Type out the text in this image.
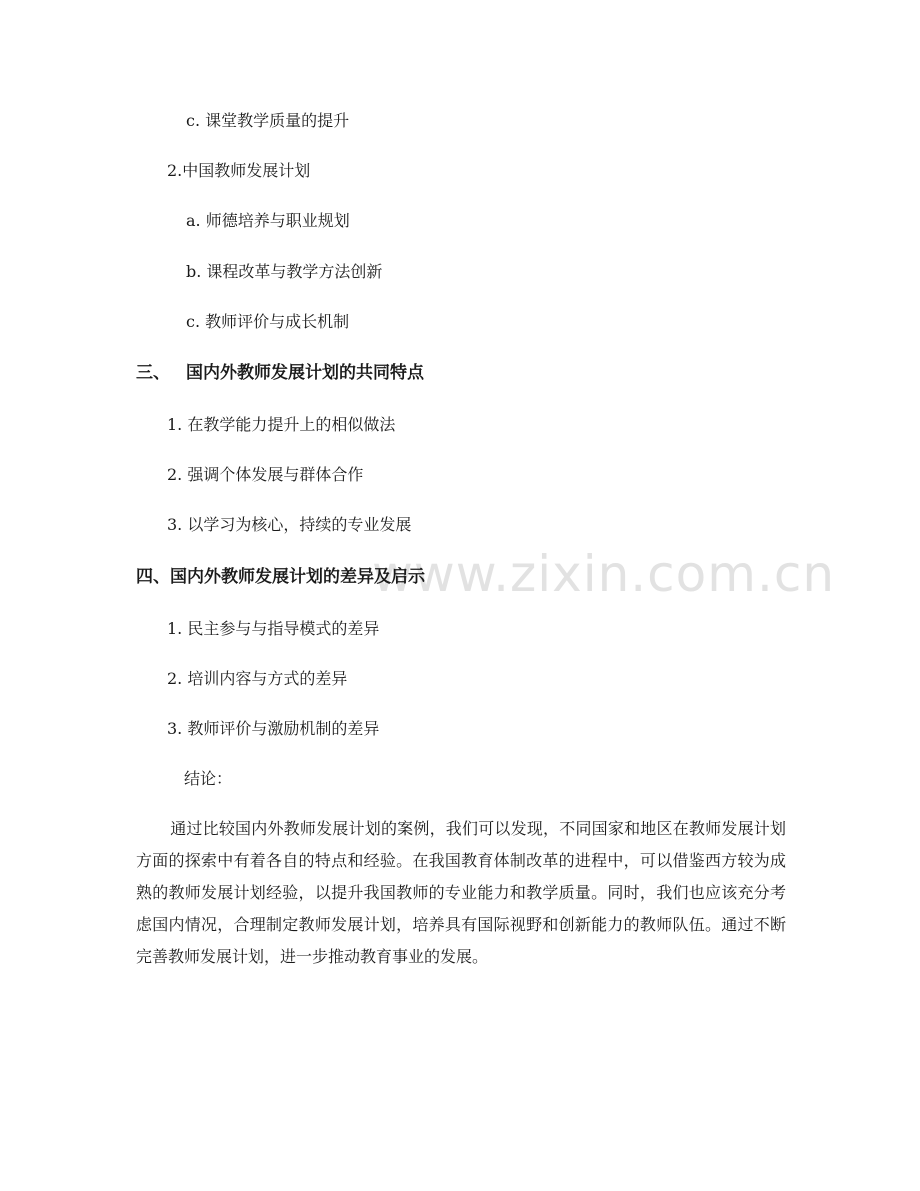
www.zixin.com.cn
c. 课堂教学质量的提升
2.中国教师发展计划
a. 师德培养与职业规划
b. 课程改革与教学方法创新
c. 教师评价与成长机制
三、 国内外教师发展计划的共同特点
1. 在教学能力提升上的相似做法
2. 强调个体发展与群体合作
3. 以学习为核心，持续的专业发展
四、国内外教师发展计划的差异及启示
1. 民主参与与指导模式的差异
2. 培训内容与方式的差异
3. 教师评价与激励机制的差异
结论：
通过比较国内外教师发展计划的案例，我们可以发现，不同国家和地区在教师发展计划方面的探索中有着各自的特点和经验。在我国教育体制改革的进程中，可以借鉴西方较为成熟的教师发展计划经验，以提升我国教师的专业能力和教学质量。同时，我们也应该充分考虑国内情况，合理制定教师发展计划，培养具有国际视野和创新能力的教师队伍。通过不断完善教师发展计划，进一步推动教育事业的发展。
